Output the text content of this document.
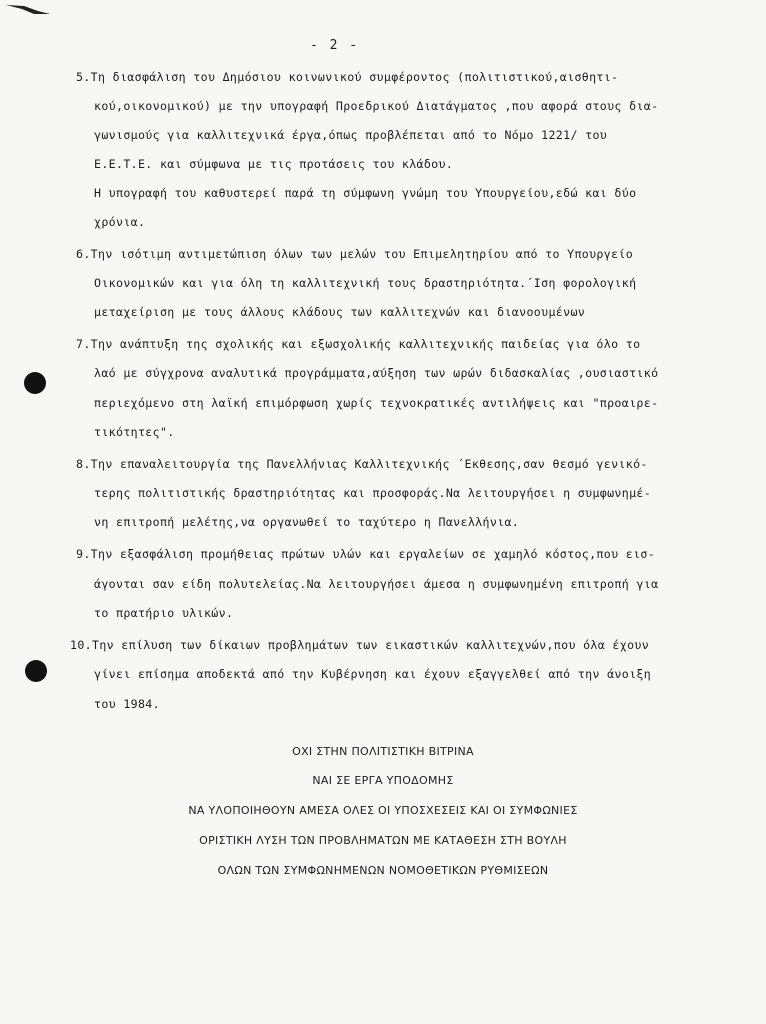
- 2 -
5.Τη διασφάλιση του Δημόσιου κοινωνικού συμφέροντος (πολιτιστικού,αισθητι-
κού,οικονομικού) με την υπογραφή Προεδρικού Διατάγματος ,που αφορά στους δια-
γωνισμούς για καλλιτεχνικά έργα,όπως προβλέπεται από το Νόμο 1221/ του
Ε.Ε.Τ.Ε. και σύμφωνα με τις προτάσεις του κλάδου.
Η υπογραφή του καθυστερεί παρά τη σύμφωνη γνώμη του Υπουργείου,εδώ και δύο
χρόνια.
6.Την ισότιμη αντιμετώπιση όλων των μελών του Επιμελητηρίου από το Υπουργείο
Οικονομικών και για όλη τη καλλιτεχνική τους δραστηριότητα.΄Ιση φορολογική
μεταχείριση με τους άλλους κλάδους των καλλιτεχνών και διανοουμένων
7.Την ανάπτυξη της σχολικής και εξωσχολικής καλλιτεχνικής παιδείας για όλο το
λαό με σύγχρονα αναλυτικά προγράμματα,αύξηση των ωρών διδασκαλίας ,ουσιαστικό
περιεχόμενο στη λαϊκή επιμόρφωση χωρίς τεχνοκρατικές αντιλήψεις και "προαιρε-
τικότητες".
8.Την επαναλειτουργία της Πανελλήνιας Καλλιτεχνικής ΄Εκθεσης,σαν θεσμό γενικό-
τερης πολιτιστικής δραστηριότητας και προσφοράς.Να λειτουργήσει η συμφωνημέ-
νη επιτροπή μελέτης,να οργανωθεί το ταχύτερο η Πανελλήνια.
9.Την εξασφάλιση προμήθειας πρώτων υλών και εργαλείων σε χαμηλό κόστος,που εισ-
άγονται σαν είδη πολυτελείας.Να λειτουργήσει άμεσα η συμφωνημένη επιτροπή για
το πρατήριο υλικών.
10.Την επίλυση των δίκαιων προβλημάτων των εικαστικών καλλιτεχνών,που όλα έχουν
γίνει επίσημα αποδεκτά από την Κυβέρνηση και έχουν εξαγγελθεί από την άνοιξη
του 1984.
ΟΧΙ ΣΤΗΝ ΠΟΛΙΤΙΣΤΙΚΗ ΒΙΤΡΙΝΑ
ΝΑΙ ΣΕ ΕΡΓΑ ΥΠΟΔΟΜΗΣ
ΝΑ ΥΛΟΠΟΙΗΘΟΥΝ ΑΜΕΣΑ ΟΛΕΣ ΟΙ ΥΠΟΣΧΕΣΕΙΣ ΚΑΙ ΟΙ ΣΥΜΦΩΝΙΕΣ
ΟΡΙΣΤΙΚΗ ΛΥΣΗ ΤΩΝ ΠΡΟΒΛΗΜΑΤΩΝ ΜΕ ΚΑΤΑΘΕΣΗ ΣΤΗ ΒΟΥΛΗ
ΟΛΩΝ ΤΩΝ ΣΥΜΦΩΝΗΜΕΝΩΝ ΝΟΜΟΘΕΤΙΚΩΝ ΡΥΘΜΙΣΕΩΝ
